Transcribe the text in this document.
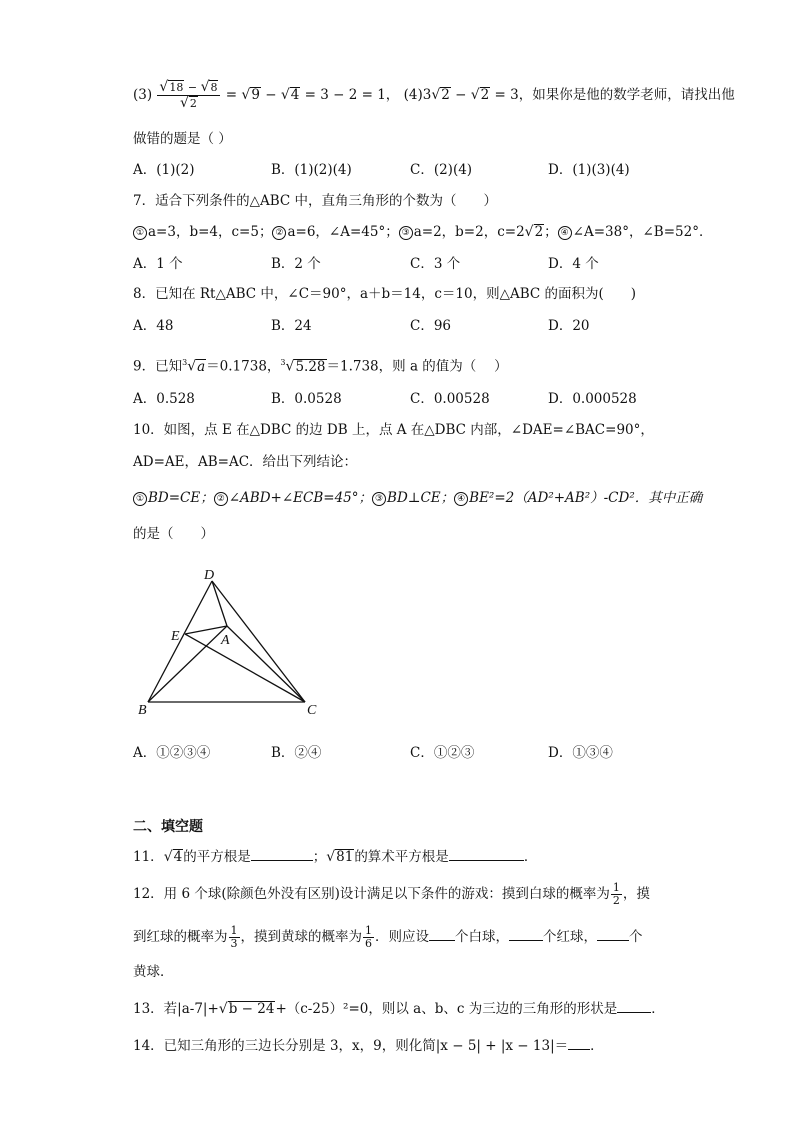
$(3) \frac{√18 - √8}{√2} = √9 - √4 = 3 - 2 = 1$， (4)3√2 − √2 = 3，如果你是他的数学老师，请找出他
做错的题是（ ）
A．(1)(2)	B．(1)(2)(4)	C．(2)(4)	D．(1)(3)(4)
7．适合下列条件的△ABC 中，直角三角形的个数为（　　）
① a=3，b=4，c=5； ② a=6，∠A=45°； ③ a=2，b=2，c=2√2； ④ ∠A=38°，∠B=52°．
A．1 个	B．2 个	C．3 个	D．4 个
8．已知在 Rt△ABC 中，∠C＝90°，a＋b＝14，c＝10，则△ABC 的面积为(　　)
A．48	B．24	C．96	D．20
9．已知$^3$√a＝0.1738，$^3$√5.28＝1.738，则 a 的值为（　 ）
A．0.528	B．0.0528	C．0.00528	D．0.000528
10．如图，点 E 在△DBC 的边 DB 上，点 A 在△DBC 内部，∠DAE=∠BAC=90°，
AD=AE，AB=AC．给出下列结论：
① BD=CE； ② ∠ABD+∠ECB=45°； ③ BD⊥CE； ④ BE²=2（AD²+AB²）-CD²．其中正确
的是（　　）
D
E	A
B	C
A．①②③④	B．②④	C．①②③	D．①③④
二、填空题
11．√4的平方根是	；√81的算术平方根是	．
12．用 6 个球(除颜色外没有区别)设计满足以下条件的游戏：摸到白球的概率为 $\frac{1}{2}$ ，摸
到红球的概率为 $\frac{1}{3}$ ，摸到黄球的概率为 $\frac{1}{6}$ ．则应设 个白球，	个红球， 个
黄球．
13．若|a-7|+√b − 24+（c-25）²=0，则以 a、b、c 为三边的三角形的形状是	．
14．已知三角形的三边长分别是 3，x，9，则化简|x − 5| + |x − 13|＝ ．
